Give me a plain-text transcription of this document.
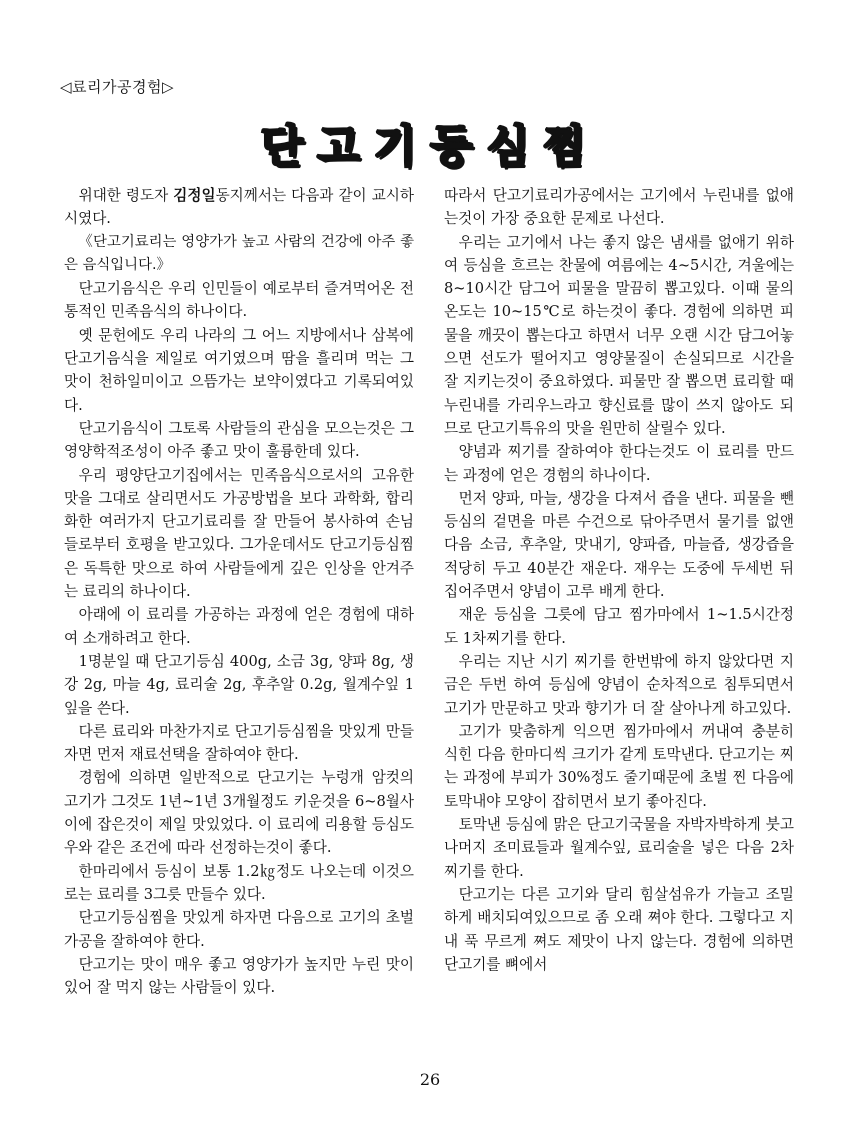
◁료리가공경험▷
단고기등심찜

위대한 령도자 김정일동지께서는 다음과 같이 교시하시였다.

《단고기료리는 영양가가 높고 사람의 건강에 아주 좋은 음식입니다.》

단고기음식은 우리 인민들이 예로부터 즐겨먹어온 전통적인 민족음식의 하나이다.

옛 문헌에도 우리 나라의 그 어느 지방에서나 삼복에 단고기음식을 제일로 여기였으며 땀을 흘리며 먹는 그 맛이 천하일미이고 으뜸가는 보약이였다고 기록되여있다.

단고기음식이 그토록 사람들의 관심을 모으는것은 그 영양학적조성이 아주 좋고 맛이 훌륭한데 있다.

우리 평양단고기집에서는 민족음식으로서의 고유한 맛을 그대로 살리면서도 가공방법을 보다 과학화, 합리화한 여러가지 단고기료리를 잘 만들어 봉사하여 손님들로부터 호평을 받고있다. 그가운데서도 단고기등심찜은 독특한 맛으로 하여 사람들에게 깊은 인상을 안겨주는 료리의 하나이다.

아래에 이 료리를 가공하는 과정에 얻은 경험에 대하여 소개하려고 한다.

1명분일 때 단고기등심 400g, 소금 3g, 양파 8g, 생강 2g, 마늘 4g, 료리술 2g, 후추알 0.2g, 월계수잎 1잎을 쓴다.

다른 료리와 마찬가지로 단고기등심찜을 맛있게 만들자면 먼저 재료선택을 잘하여야 한다.

경험에 의하면 일반적으로 단고기는 누렁개 암컷의 고기가 그것도 1년~1년 3개월정도 키운것을 6~8월사이에 잡은것이 제일 맛있었다. 이 료리에 리용할 등심도 우와 같은 조건에 따라 선정하는것이 좋다.

한마리에서 등심이 보통 1.2㎏정도 나오는데 이것으로는 료리를 3그릇 만들수 있다.

단고기등심찜을 맛있게 하자면 다음으로 고기의 초벌가공을 잘하여야 한다.

단고기는 맛이 매우 좋고 영양가가 높지만 누린 맛이 있어 잘 먹지 않는 사람들이 있다.

따라서 단고기료리가공에서는 고기에서 누린내를 없애는것이 가장 중요한 문제로 나선다.

우리는 고기에서 나는 좋지 않은 냄새를 없애기 위하여 등심을 흐르는 찬물에 여름에는 4~5시간, 겨울에는 8~10시간 담그어 피물을 말끔히 뽑고있다. 이때 물의 온도는 10~15℃로 하는것이 좋다. 경험에 의하면 피물을 깨끗이 뽑는다고 하면서 너무 오랜 시간 담그어놓으면 선도가 떨어지고 영양물질이 손실되므로 시간을 잘 지키는것이 중요하였다. 피물만 잘 뽑으면 료리할 때 누린내를 가리우느라고 향신료를 많이 쓰지 않아도 되므로 단고기특유의 맛을 원만히 살릴수 있다.

양념과 찌기를 잘하여야 한다는것도 이 료리를 만드는 과정에 얻은 경험의 하나이다.

먼저 양파, 마늘, 생강을 다져서 즙을 낸다. 피물을 뺀 등심의 겉면을 마른 수건으로 닦아주면서 물기를 없앤 다음 소금, 후추알, 맛내기, 양파즙, 마늘즙, 생강즙을 적당히 두고 40분간 재운다. 재우는 도중에 두세번 뒤집어주면서 양념이 고루 배게 한다.

재운 등심을 그릇에 담고 찜가마에서 1~1.5시간정도 1차찌기를 한다.

우리는 지난 시기 찌기를 한번밖에 하지 않았다면 지금은 두번 하여 등심에 양념이 순차적으로 침투되면서 고기가 만문하고 맛과 향기가 더 잘 살아나게 하고있다.

고기가 맞춤하게 익으면 찜가마에서 꺼내여 충분히 식힌 다음 한마디씩 크기가 같게 토막낸다. 단고기는 찌는 과정에 부피가 30%정도 줄기때문에 초벌 찐 다음에 토막내야 모양이 잡히면서 보기 좋아진다.

토막낸 등심에 맑은 단고기국물을 자박자박하게 붓고 나머지 조미료들과 월계수잎, 료리술을 넣은 다음 2차찌기를 한다.

단고기는 다른 고기와 달리 힘살섬유가 가늘고 조밀하게 배치되여있으므로 좀 오래 쪄야 한다. 그렇다고 지내 푹 무르게 쪄도 제맛이 나지 않는다. 경험에 의하면 단고기를 뼈에서

26
